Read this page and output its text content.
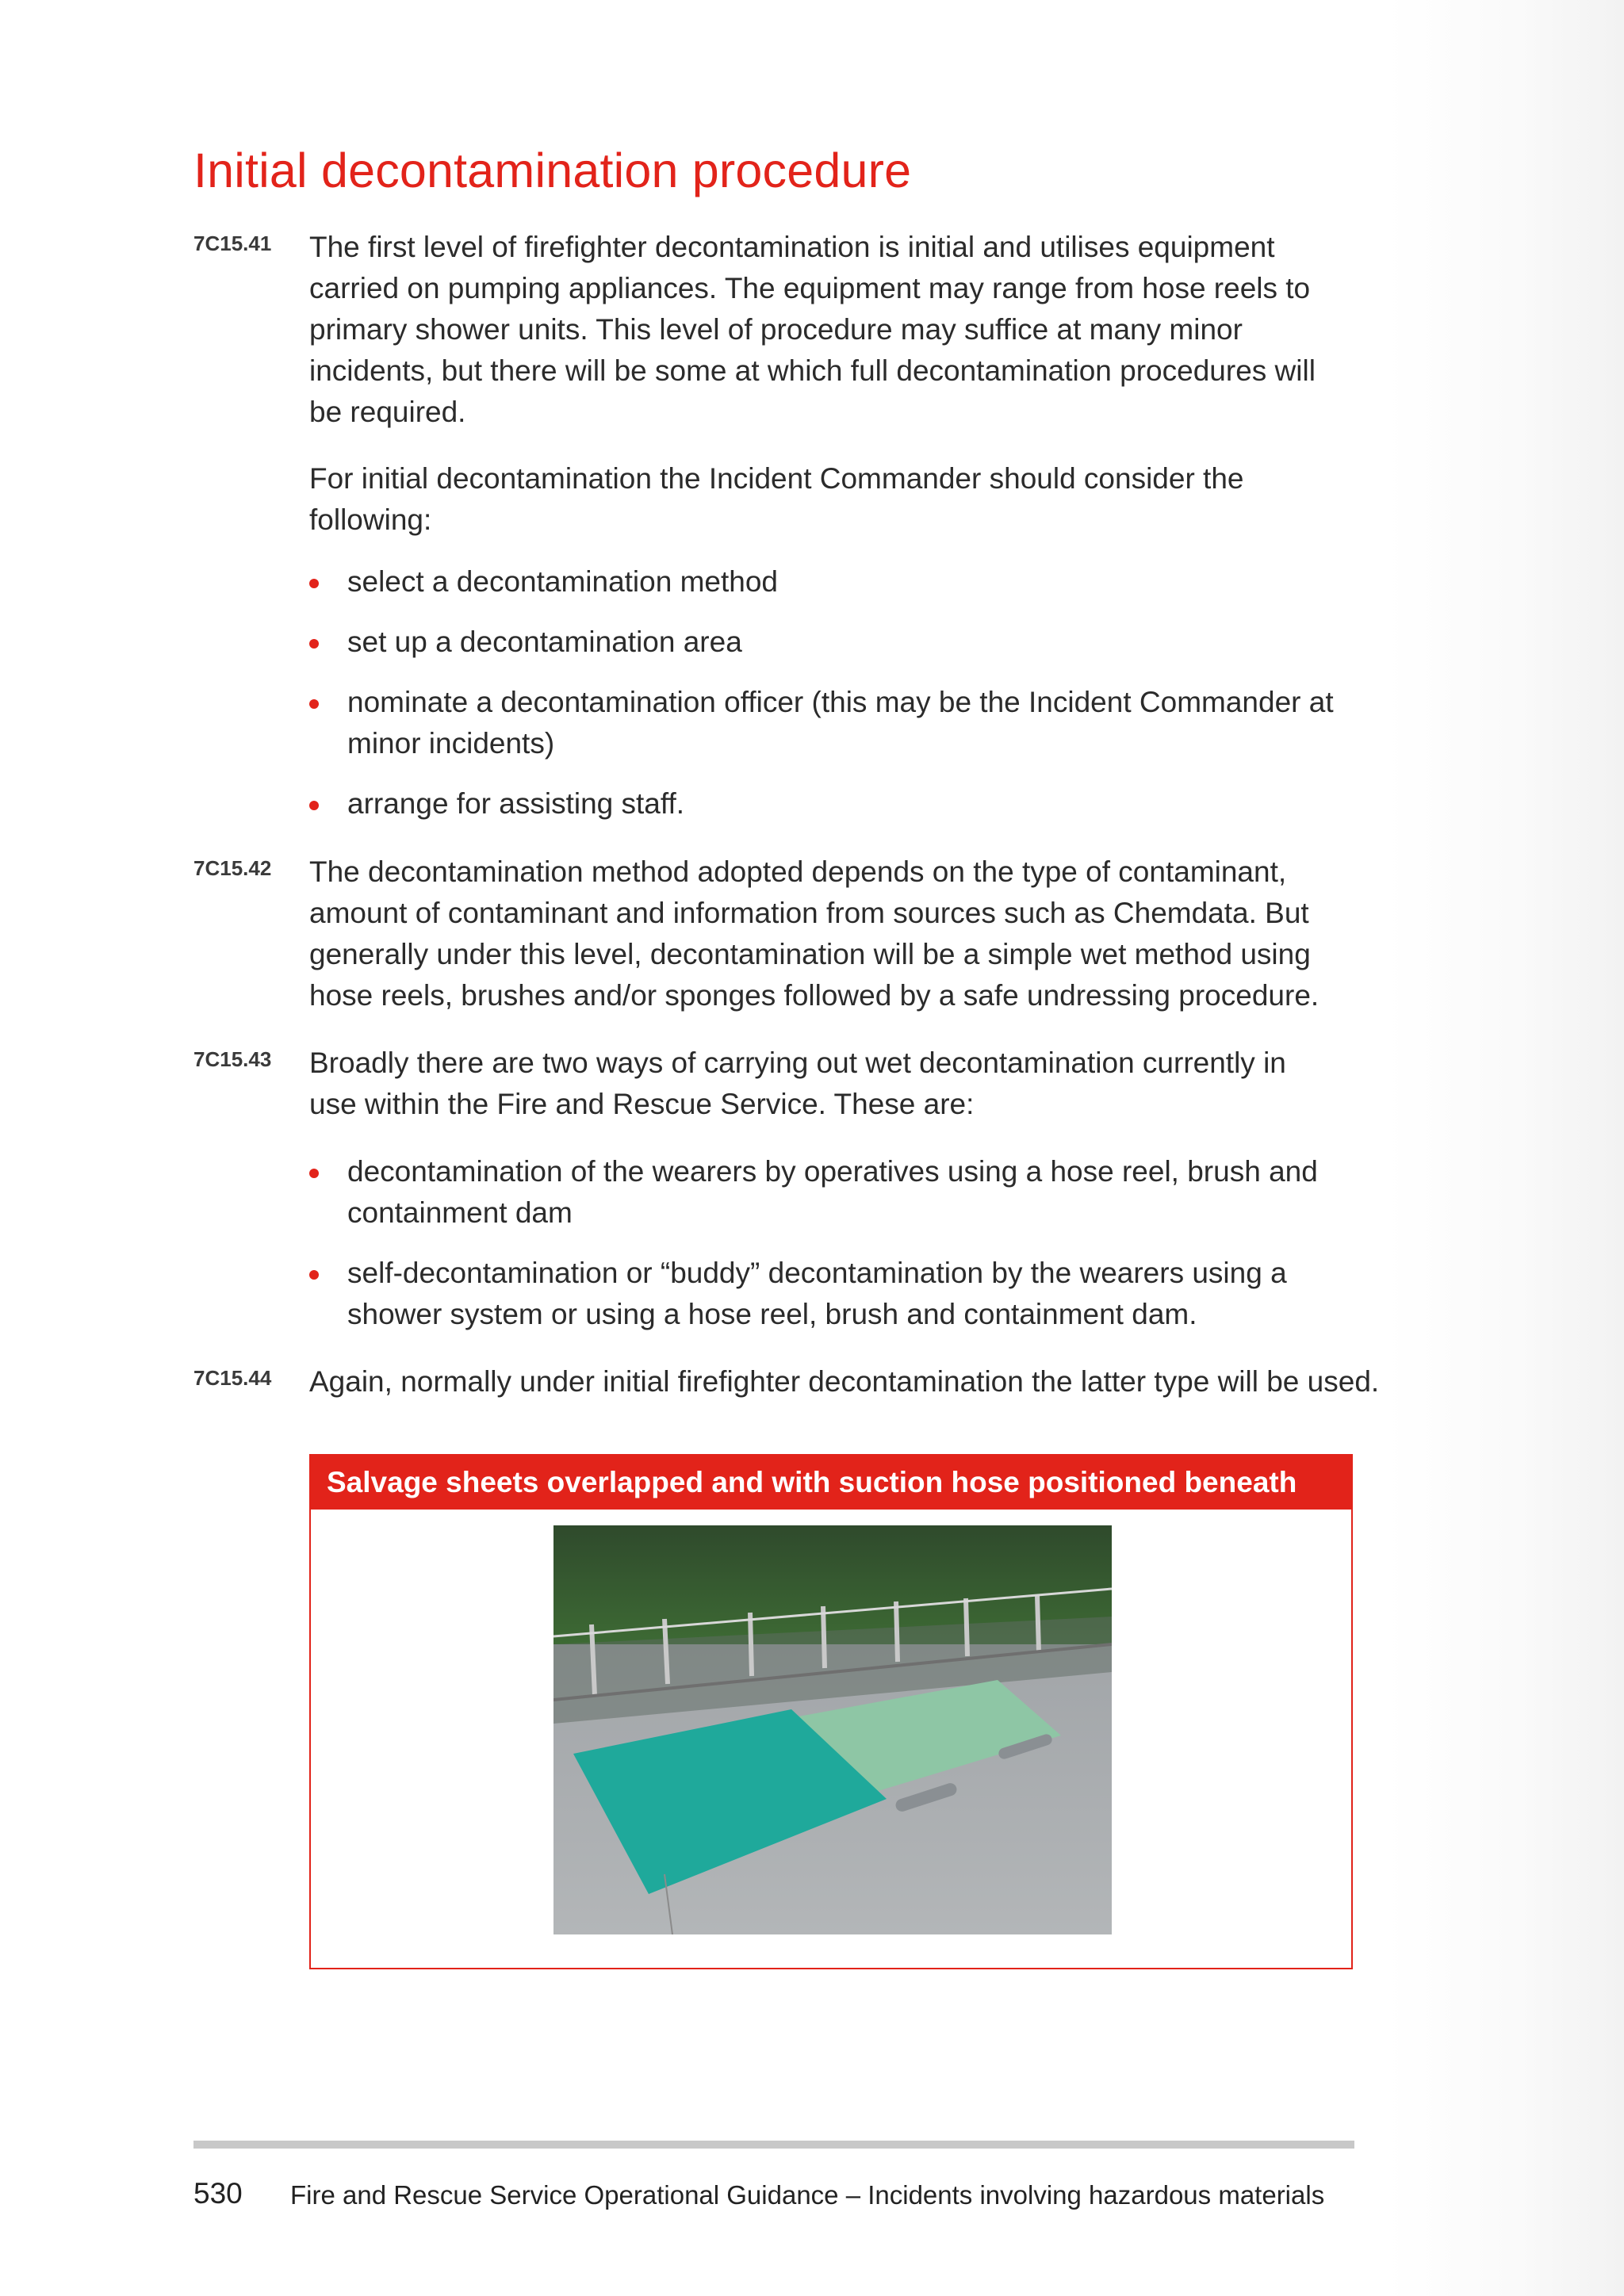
Initial decontamination procedure
7C15.41 The first level of firefighter decontamination is initial and utilises equipment carried on pumping appliances. The equipment may range from hose reels to primary shower units. This level of procedure may suffice at many minor incidents, but there will be some at which full decontamination procedures will be required.

For initial decontamination the Incident Commander should consider the following:

select a decontamination method

set up a decontamination area

nominate a decontamination officer (this may be the Incident Commander at minor incidents)

arrange for assisting staff.

7C15.42 The decontamination method adopted depends on the type of contaminant, amount of contaminant and information from sources such as Chemdata. But generally under this level, decontamination will be a simple wet method using hose reels, brushes and/or sponges followed by a safe undressing procedure.

7C15.43 Broadly there are two ways of carrying out wet decontamination currently in use within the Fire and Rescue Service. These are:

decontamination of the wearers by operatives using a hose reel, brush and containment dam

self-decontamination or “buddy” decontamination by the wearers using a shower system or using a hose reel, brush and containment dam.

7C15.44 Again, normally under initial firefighter decontamination the latter type will be used.

Salvage sheets overlapped and with suction hose positioned beneath
530 Fire and Rescue Service Operational Guidance – Incidents involving hazardous materials
